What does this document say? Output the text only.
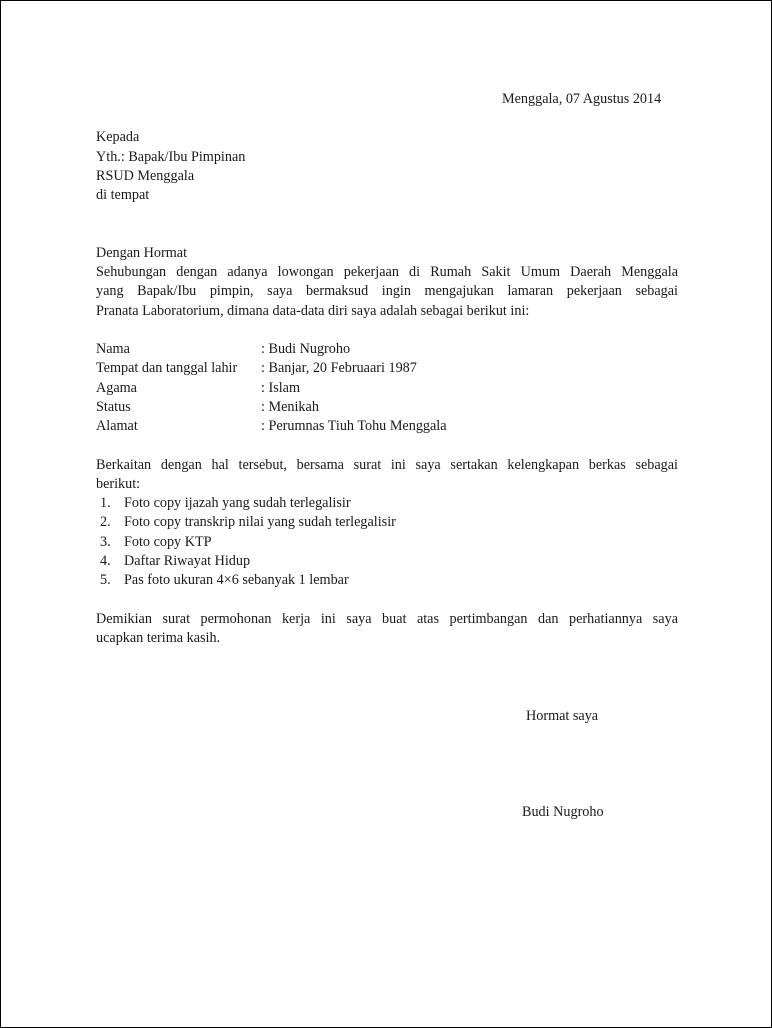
Menggala, 07 Agustus 2014
Kepada
Yth.: Bapak/Ibu Pimpinan
RSUD Menggala
di tempat
Dengan Hormat
Sehubungan dengan adanya lowongan pekerjaan di Rumah Sakit Umum Daerah Menggala
yang Bapak/Ibu pimpin, saya bermaksud ingin mengajukan lamaran pekerjaan sebagai
Pranata Laboratorium, dimana data-data diri saya adalah sebagai berikut ini:
Nama	: Budi Nugroho
Tempat dan tanggal lahir : Banjar, 20 Februaari 1987
Agama	: Islam
Status	: Menikah
Alamat	: Perumnas Tiuh Tohu Menggala
Berkaitan dengan hal tersebut, bersama surat ini saya sertakan kelengkapan berkas sebagai
berikut:
1. Foto copy ijazah yang sudah terlegalisir
2. Foto copy transkrip nilai yang sudah terlegalisir
3. Foto copy KTP
4. Daftar Riwayat Hidup
5. Pas foto ukuran 4×6 sebanyak 1 lembar
Demikian surat permohonan kerja ini saya buat atas pertimbangan dan perhatiannya saya
ucapkan terima kasih.
Hormat saya
Budi Nugroho
